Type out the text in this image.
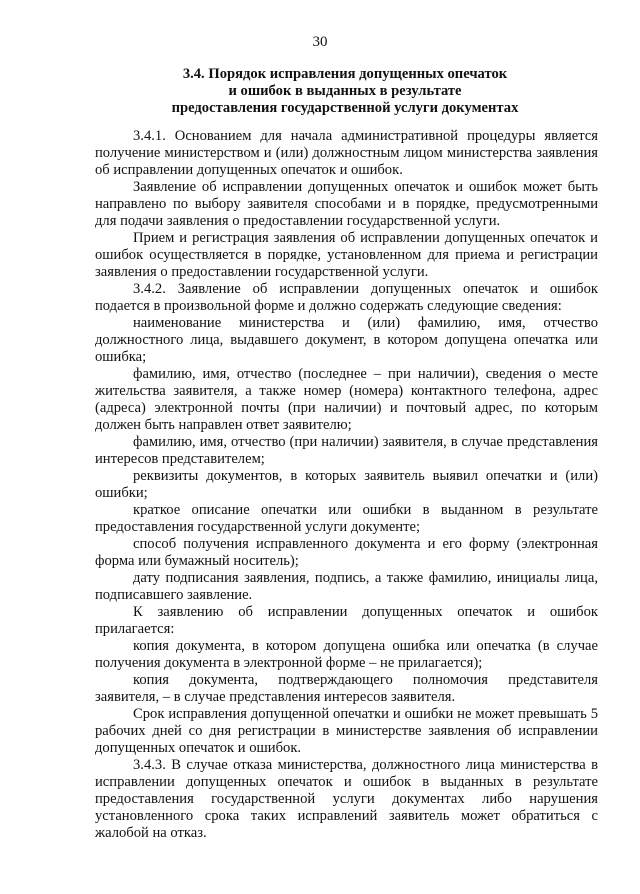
30
3.4. Порядок исправления допущенных опечаток
и ошибок в выданных в результате
предоставления государственной услуги документах

3.4.1. Основанием для начала административной процедуры является получение министерством и (или) должностным лицом министерства заявления об исправлении допущенных опечаток и ошибок.

Заявление об исправлении допущенных опечаток и ошибок может быть направлено по выбору заявителя способами и в порядке, предусмотренными для подачи заявления о предоставлении государственной услуги.

Прием и регистрация заявления об исправлении допущенных опечаток и ошибок осуществляется в порядке, установленном для приема и регистрации заявления о предоставлении государственной услуги.

3.4.2. Заявление об исправлении допущенных опечаток и ошибок подается в произвольной форме и должно содержать следующие сведения:

наименование министерства и (или) фамилию, имя, отчество должностного лица, выдавшего документ, в котором допущена опечатка или ошибка;

фамилию, имя, отчество (последнее – при наличии), сведения о месте жительства заявителя, а также номер (номера) контактного телефона, адрес (адреса) электронной почты (при наличии) и почтовый адрес, по которым должен быть направлен ответ заявителю;

фамилию, имя, отчество (при наличии) заявителя, в случае представления интересов представителем;

реквизиты документов, в которых заявитель выявил опечатки и (или) ошибки;

краткое описание опечатки или ошибки в выданном в результате предоставления государственной услуги документе;

способ получения исправленного документа и его форму (электронная форма или бумажный носитель);

дату подписания заявления, подпись, а также фамилию, инициалы лица, подписавшего заявление.

К заявлению об исправлении допущенных опечаток и ошибок прилагается:

копия документа, в котором допущена ошибка или опечатка (в случае получения документа в электронной форме – не прилагается);

копия документа, подтверждающего полномочия представителя заявителя, – в случае представления интересов заявителя.

Срок исправления допущенной опечатки и ошибки не может превышать 5 рабочих дней со дня регистрации в министерстве заявления об исправлении допущенных опечаток и ошибок.

3.4.3. В случае отказа министерства, должностного лица министерства в исправлении допущенных опечаток и ошибок в выданных в результате предоставления государственной услуги документах либо нарушения установленного срока таких исправлений заявитель может обратиться с жалобой на отказ.
